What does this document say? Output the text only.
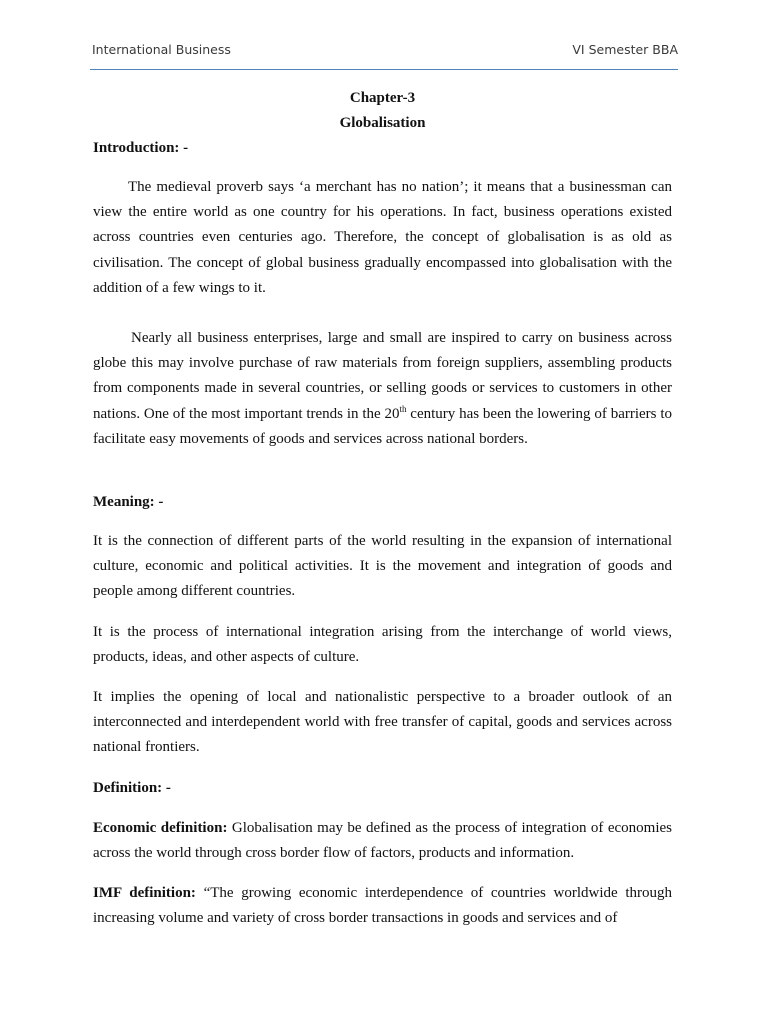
International Business	VI Semester BBA
Chapter-3
Globalisation
Introduction: -

The medieval proverb says ‘a merchant has no nation’; it means that a businessman can view the entire world as one country for his operations. In fact, business operations existed across countries even centuries ago. Therefore, the concept of globalisation is as old as civilisation. The concept of global business gradually encompassed into globalisation with the addition of a few wings to it.

Nearly all business enterprises, large and small are inspired to carry on business across globe this may involve purchase of raw materials from foreign suppliers, assembling products from components made in several countries, or selling goods or services to customers in other nations. One of the most important trends in the 20th century has been the lowering of barriers to facilitate easy movements of goods and services across national borders.

Meaning: -

It is the connection of different parts of the world resulting in the expansion of international culture, economic and political activities. It is the movement and integration of goods and people among different countries.

It is the process of international integration arising from the interchange of world views, products, ideas, and other aspects of culture.

It implies the opening of local and nationalistic perspective to a broader outlook of an interconnected and interdependent world with free transfer of capital, goods and services across national frontiers.

Definition: -

Economic definition: Globalisation may be defined as the process of integration of economies across the world through cross border flow of factors, products and information.

IMF definition: “The growing economic interdependence of countries worldwide through increasing volume and variety of cross border transactions in goods and services and of
